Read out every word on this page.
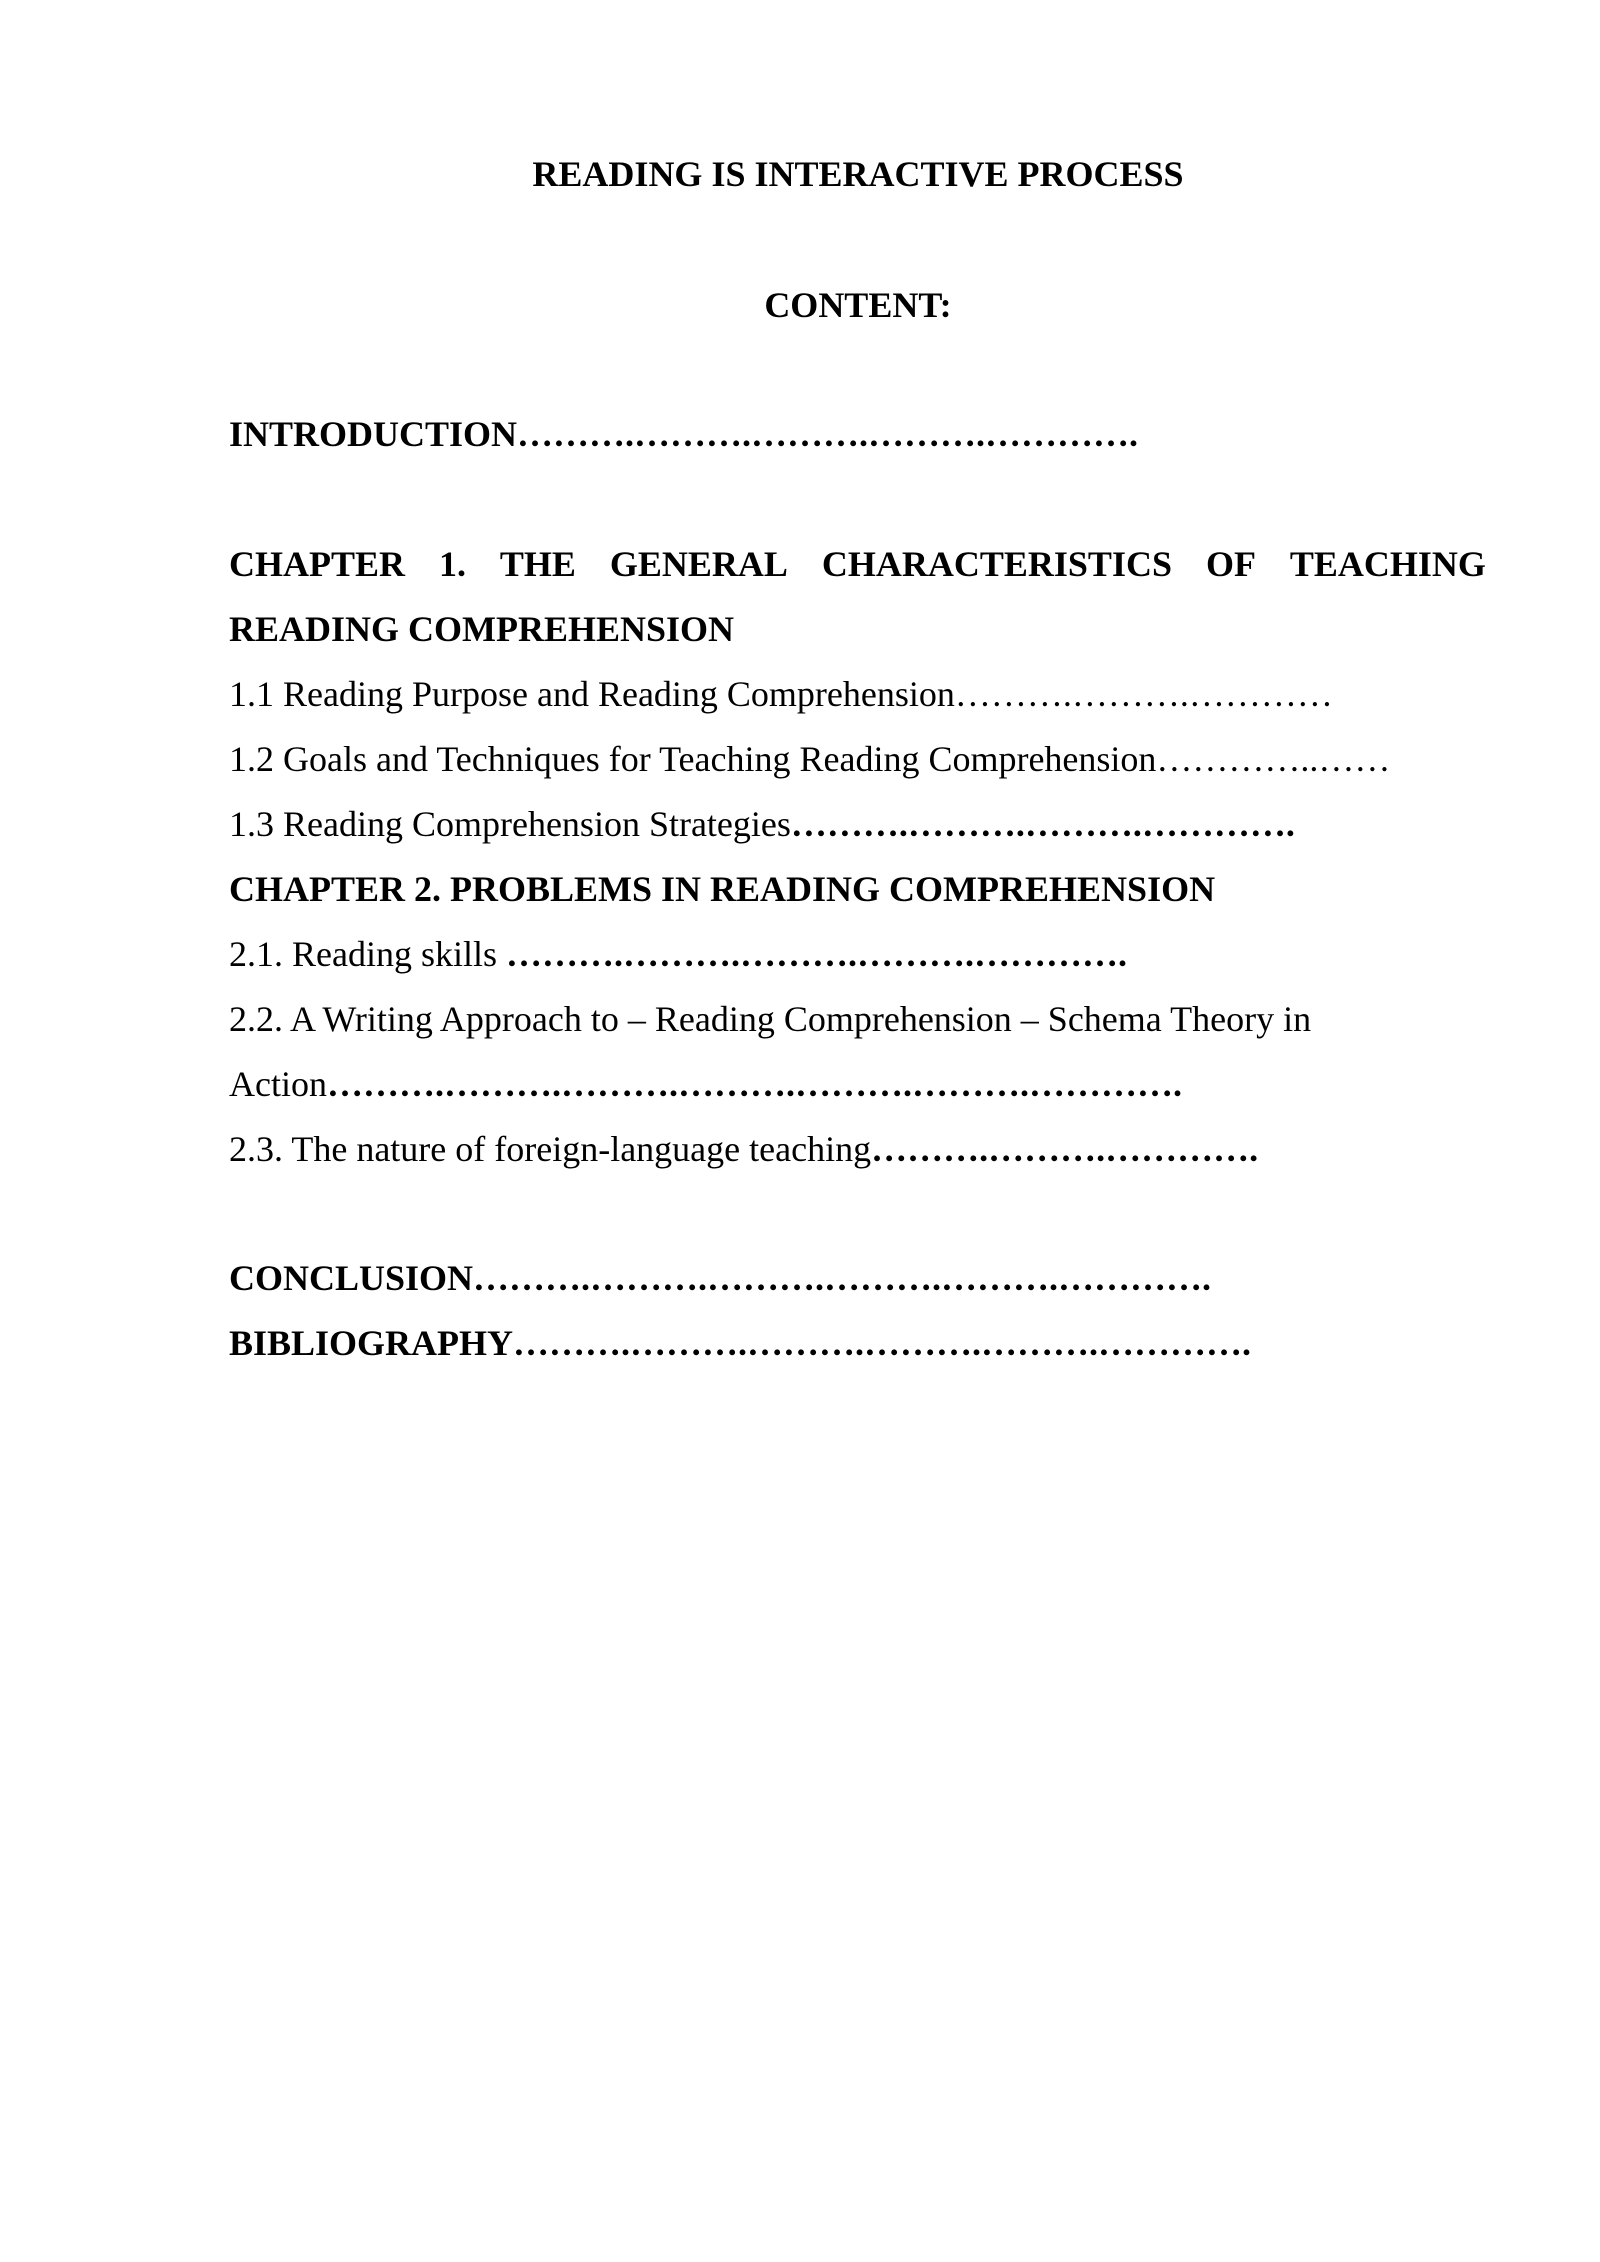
READING IS INTERACTIVE PROCESS
CONTENT:
INTRODUCTION……….……….……….……….………….
CHAPTER 1. THE GENERAL CHARACTERISTICS OF TEACHING
READING COMPREHENSION
1.1 Reading Purpose and Reading Comprehension……….……….…………
1.2 Goals and Techniques for Teaching Reading Comprehension…………..……
1.3 Reading Comprehension Strategies……….……….……….………….
CHAPTER 2. PROBLEMS IN READING COMPREHENSION
2.1. Reading skills ……….……….……….……….………….
2.2. A Writing Approach to – Reading Comprehension – Schema Theory in
Action……….……….……….……….……….……….………….
2.3. The nature of foreign-language teaching……….……….………….
CONCLUSION……….……….……….……….……….………….
BIBLIOGRAPHY……….……….……….……….……….………….
